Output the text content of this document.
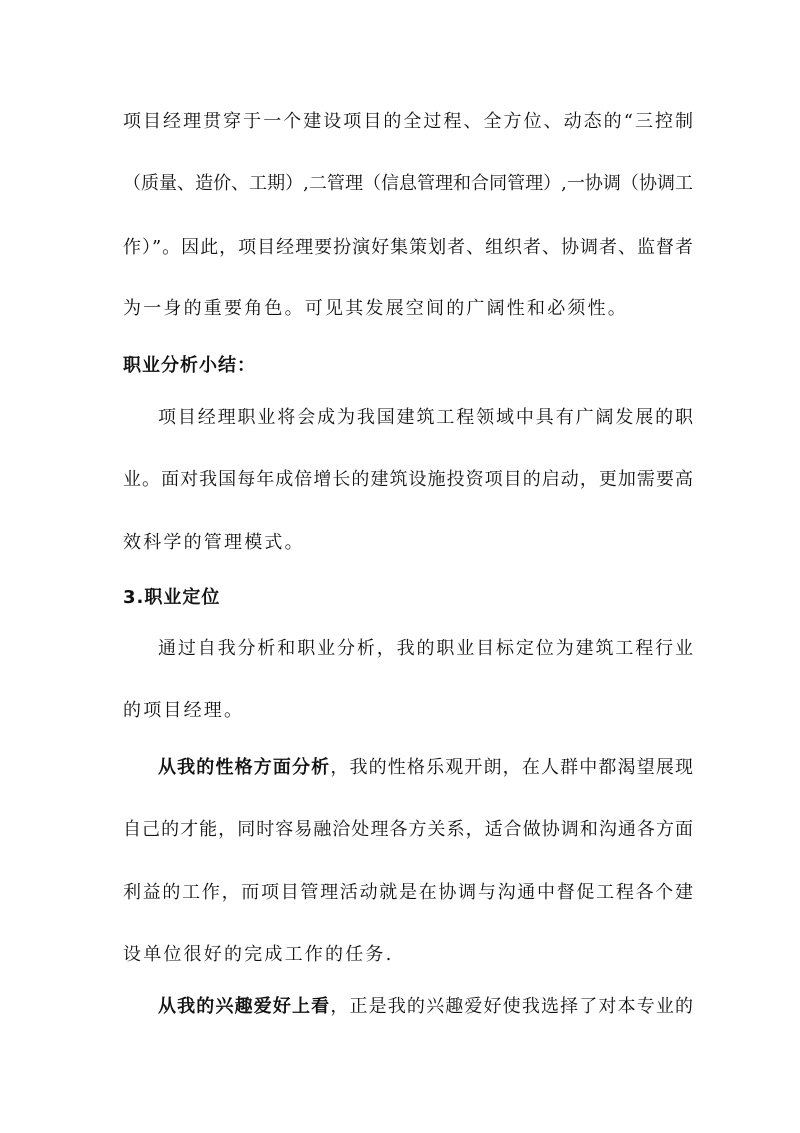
项目经理贯穿于一个建设项目的全过程、全方位、动态的“三控制
（质量、造价、工期）,二管理（信息管理和合同管理）,一协调（协调工
作）”。因此，项目经理要扮演好集策划者、组织者、协调者、监督者
为一身的重要角色。可见其发展空间的广阔性和必须性。
职业分析小结：
项目经理职业将会成为我国建筑工程领域中具有广阔发展的职
业。面对我国每年成倍增长的建筑设施投资项目的启动，更加需要高
效科学的管理模式。
3.职业定位
通过自我分析和职业分析，我的职业目标定位为建筑工程行业
的项目经理。
从我的性格方面分析，我的性格乐观开朗，在人群中都渴望展现
自己的才能，同时容易融洽处理各方关系，适合做协调和沟通各方面
利益的工作，而项目管理活动就是在协调与沟通中督促工程各个建
设单位很好的完成工作的任务.
从我的兴趣爱好上看，正是我的兴趣爱好使我选择了对本专业的
